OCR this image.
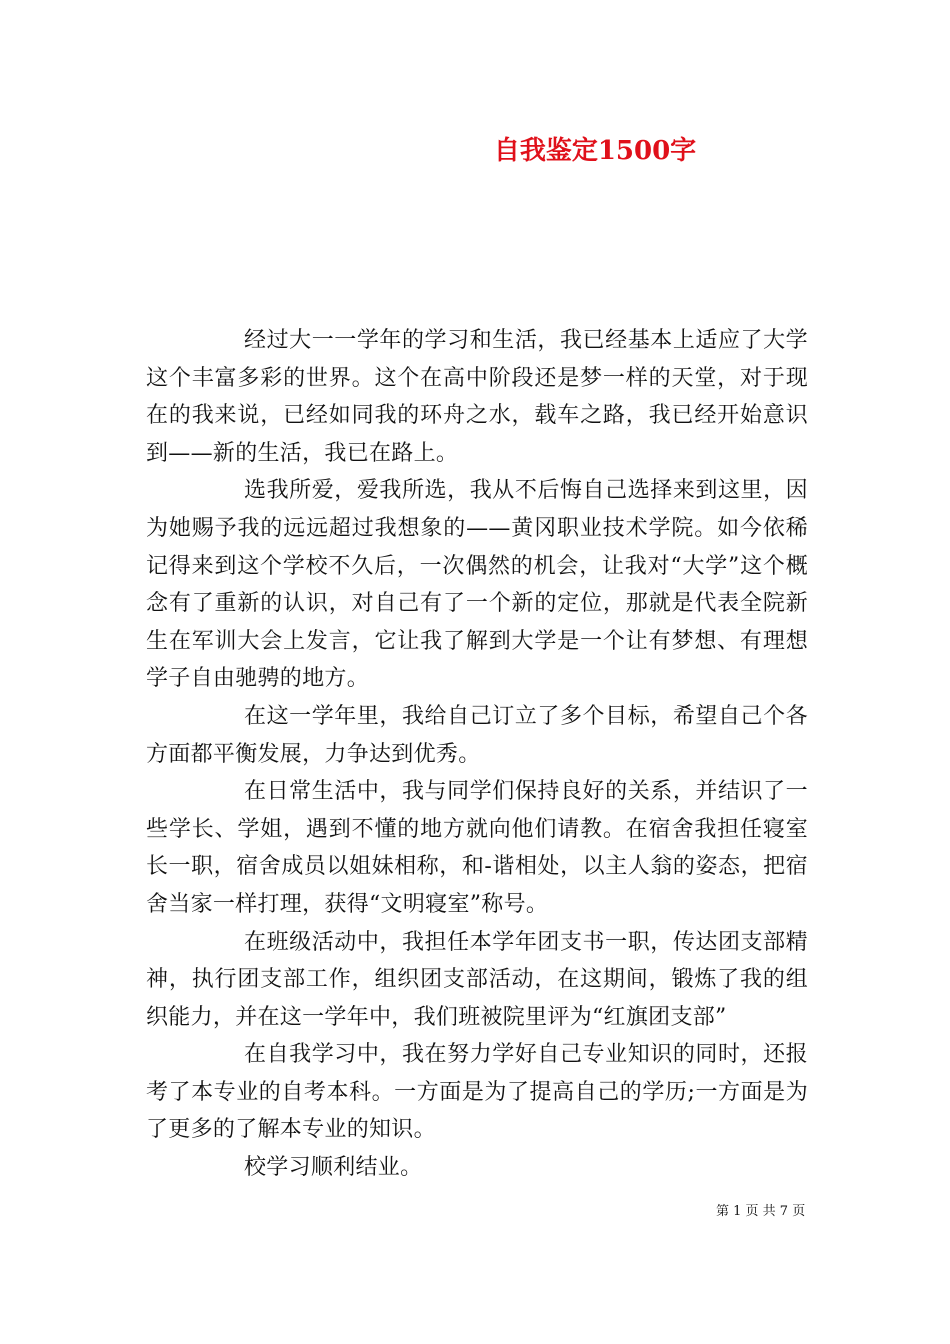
自我鉴定1500字

经过大一一学年的学习和生活，我已经基本上适应了大学这个丰富多彩的世界。这个在高中阶段还是梦一样的天堂，对于现在的我来说，已经如同我的环舟之水，载车之路，我已经开始意识到——新的生活，我已在路上。

选我所爱，爱我所选，我从不后悔自己选择来到这里，因为她赐予我的远远超过我想象的——黄冈职业技术学院。如今依稀记得来到这个学校不久后，一次偶然的机会，让我对“大学”这个概念有了重新的认识，对自己有了一个新的定位，那就是代表全院新生在军训大会上发言，它让我了解到大学是一个让有梦想、有理想学子自由驰骋的地方。

在这一学年里，我给自己订立了多个目标，希望自己个各方面都平衡发展，力争达到优秀。

在日常生活中，我与同学们保持良好的关系，并结识了一些学长、学姐，遇到不懂的地方就向他们请教。在宿舍我担任寝室长一职，宿舍成员以姐妹相称，和-谐相处，以主人翁的姿态，把宿舍当家一样打理，获得“文明寝室”称号。

在班级活动中，我担任本学年团支书一职，传达团支部精神，执行团支部工作，组织团支部活动，在这期间，锻炼了我的组织能力，并在这一学年中，我们班被院里评为“红旗团支部”

在自我学习中，我在努力学好自己专业知识的同时，还报考了本专业的自考本科。一方面是为了提高自己的学历;一方面是为了更多的了解本专业的知识。

校学习顺利结业。

第 1 页 共 7 页
